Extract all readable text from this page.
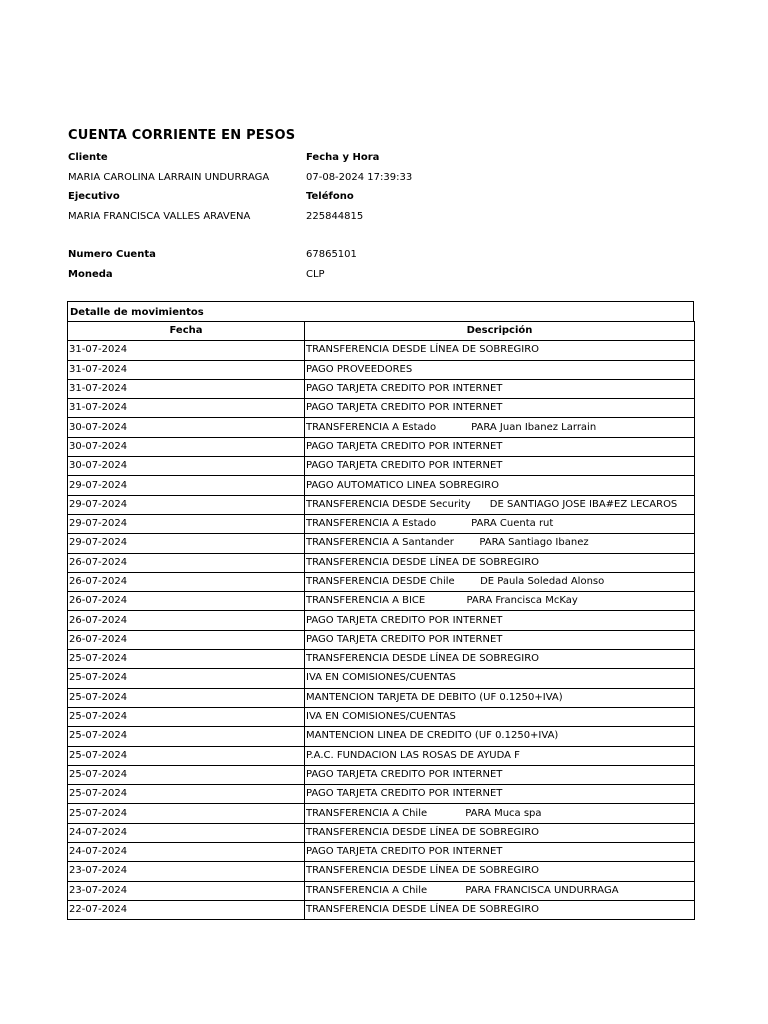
CUENTA CORRIENTE EN PESOS
Cliente	Fecha y Hora
MARIA CAROLINA LARRAIN UNDURRAGA	07-08-2024 17:39:33
Ejecutivo	Teléfono
MARIA FRANCISCA VALLES ARAVENA	225844815
Numero Cuenta	67865101
Moneda	CLP
Detalle de movimientos
Fecha	Descripción
31-07-2024	TRANSFERENCIA DESDE LÍNEA DE SOBREGIRO
31-07-2024	PAGO PROVEEDORES
31-07-2024	PAGO TARJETA CREDITO POR INTERNET
31-07-2024	PAGO TARJETA CREDITO POR INTERNET
30-07-2024	TRANSFERENCIA A Estado           PARA Juan Ibanez Larrain
30-07-2024	PAGO TARJETA CREDITO POR INTERNET
30-07-2024	PAGO TARJETA CREDITO POR INTERNET
29-07-2024	PAGO AUTOMATICO LINEA SOBREGIRO
29-07-2024	TRANSFERENCIA DESDE Security      DE SANTIAGO JOSE IBA#EZ LECAROS
29-07-2024	TRANSFERENCIA A Estado           PARA Cuenta rut
29-07-2024	TRANSFERENCIA A Santander        PARA Santiago Ibanez
26-07-2024	TRANSFERENCIA DESDE LÍNEA DE SOBREGIRO
26-07-2024	TRANSFERENCIA DESDE Chile        DE Paula Soledad Alonso
26-07-2024	TRANSFERENCIA A BICE             PARA Francisca McKay
26-07-2024	PAGO TARJETA CREDITO POR INTERNET
26-07-2024	PAGO TARJETA CREDITO POR INTERNET
25-07-2024	TRANSFERENCIA DESDE LÍNEA DE SOBREGIRO
25-07-2024	IVA EN COMISIONES/CUENTAS
25-07-2024	MANTENCION TARJETA DE DEBITO (UF 0.1250+IVA)
25-07-2024	IVA EN COMISIONES/CUENTAS
25-07-2024	MANTENCION LINEA DE CREDITO (UF 0.1250+IVA)
25-07-2024	P.A.C. FUNDACION LAS ROSAS DE AYUDA F
25-07-2024	PAGO TARJETA CREDITO POR INTERNET
25-07-2024	PAGO TARJETA CREDITO POR INTERNET
25-07-2024	TRANSFERENCIA A Chile            PARA Muca spa
24-07-2024	TRANSFERENCIA DESDE LÍNEA DE SOBREGIRO
24-07-2024	PAGO TARJETA CREDITO POR INTERNET
23-07-2024	TRANSFERENCIA DESDE LÍNEA DE SOBREGIRO
23-07-2024	TRANSFERENCIA A Chile            PARA FRANCISCA UNDURRAGA
22-07-2024	TRANSFERENCIA DESDE LÍNEA DE SOBREGIRO
